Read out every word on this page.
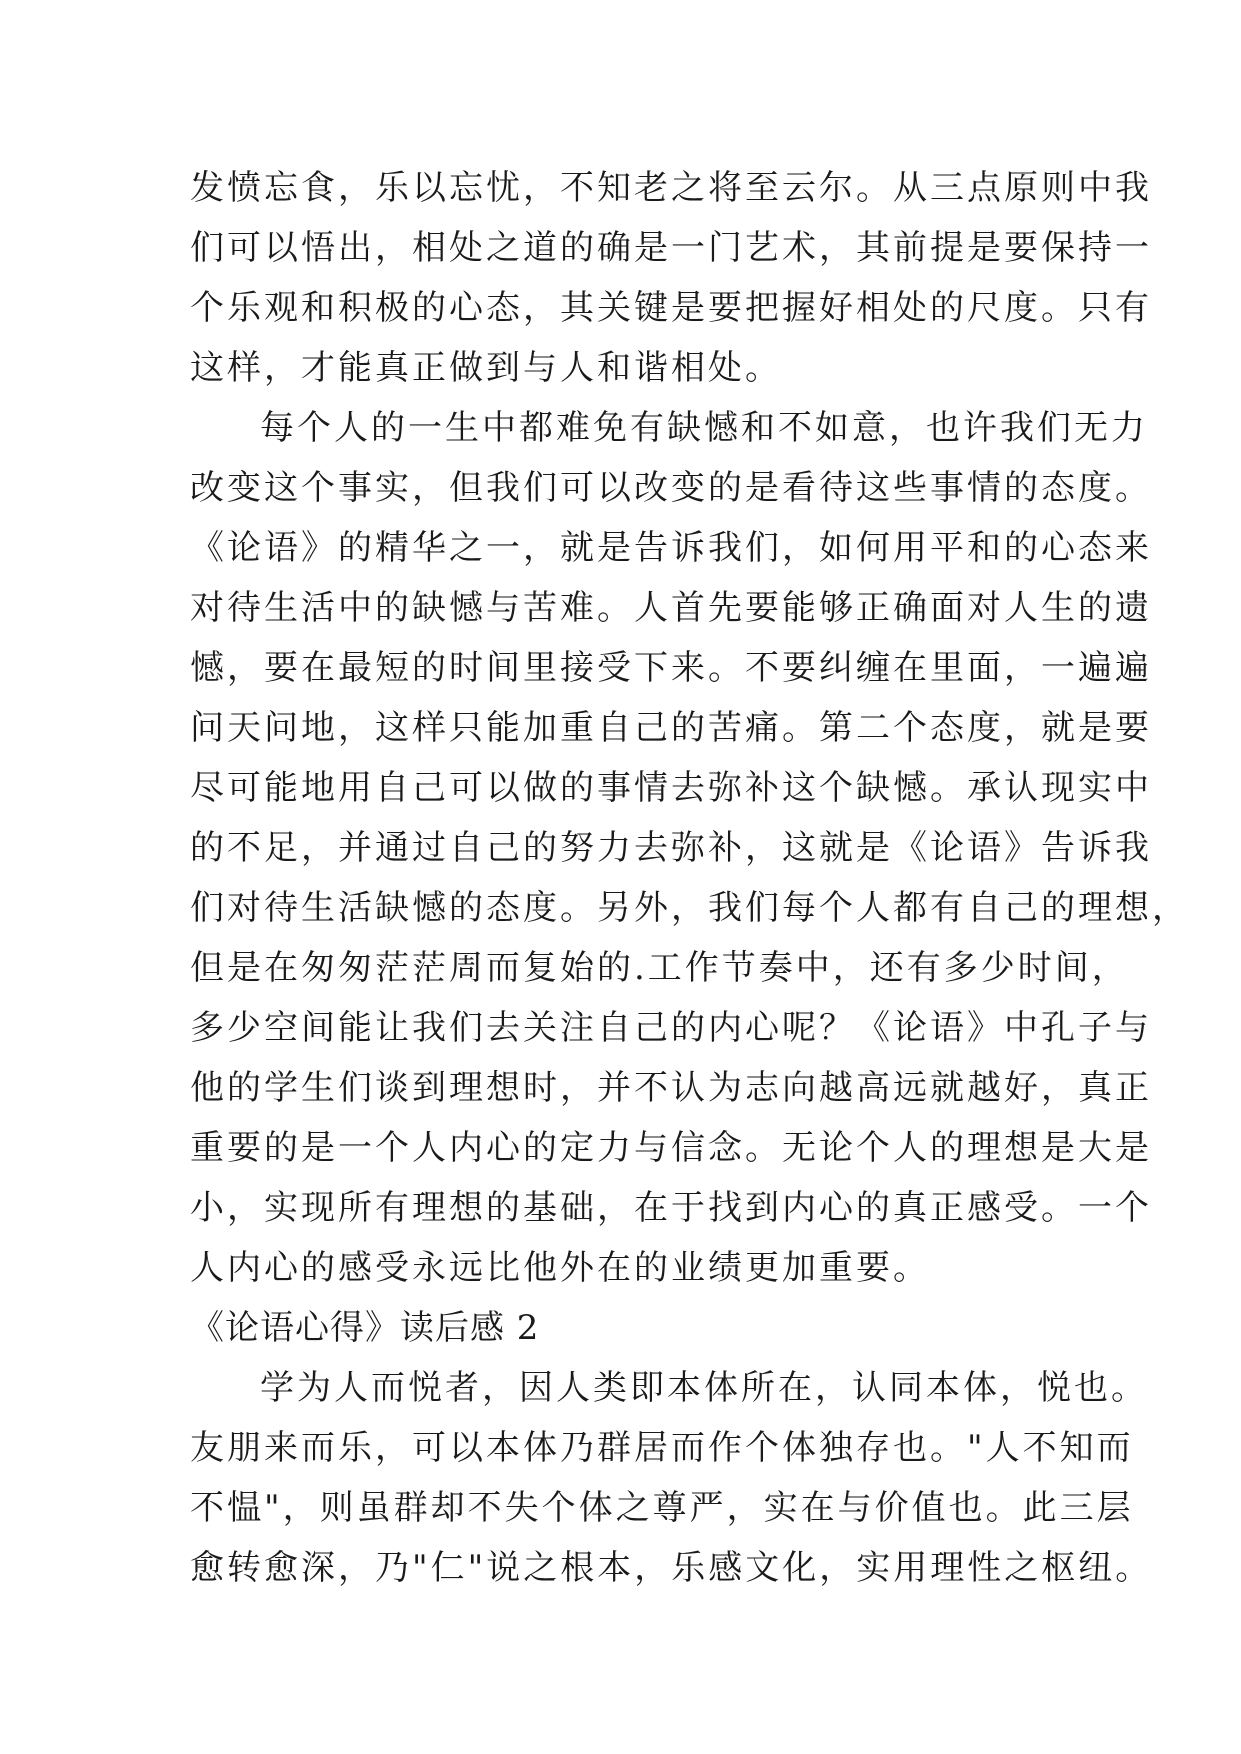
发愤忘食，乐以忘忧，不知老之将至云尔。从三点原则中我
们可以悟出，相处之道的确是一门艺术，其前提是要保持一
个乐观和积极的心态，其关键是要把握好相处的尺度。只有
这样，才能真正做到与人和谐相处。
每个人的一生中都难免有缺憾和不如意，也许我们无力
改变这个事实，但我们可以改变的是看待这些事情的态度。
《论语》的精华之一，就是告诉我们，如何用平和的心态来
对待生活中的缺憾与苦难。人首先要能够正确面对人生的遗
憾，要在最短的时间里接受下来。不要纠缠在里面，一遍遍
问天问地，这样只能加重自己的苦痛。第二个态度，就是要
尽可能地用自己可以做的事情去弥补这个缺憾。承认现实中
的不足，并通过自己的努力去弥补，这就是《论语》告诉我
们对待生活缺憾的态度。另外，我们每个人都有自己的理想，
但是在匆匆茫茫周而复始的.工作节奏中，还有多少时间，
多少空间能让我们去关注自己的内心呢？《论语》中孔子与
他的学生们谈到理想时，并不认为志向越高远就越好，真正
重要的是一个人内心的定力与信念。无论个人的理想是大是
小，实现所有理想的基础，在于找到内心的真正感受。一个
人内心的感受永远比他外在的业绩更加重要。
《论语心得》读后感 2
学为人而悦者，因人类即本体所在，认同本体，悦也。
友朋来而乐，可以本体乃群居而作个体独存也。"人不知而
不愠"，则虽群却不失个体之尊严，实在与价值也。此三层
愈转愈深，乃"仁"说之根本，乐感文化，实用理性之枢纽。
